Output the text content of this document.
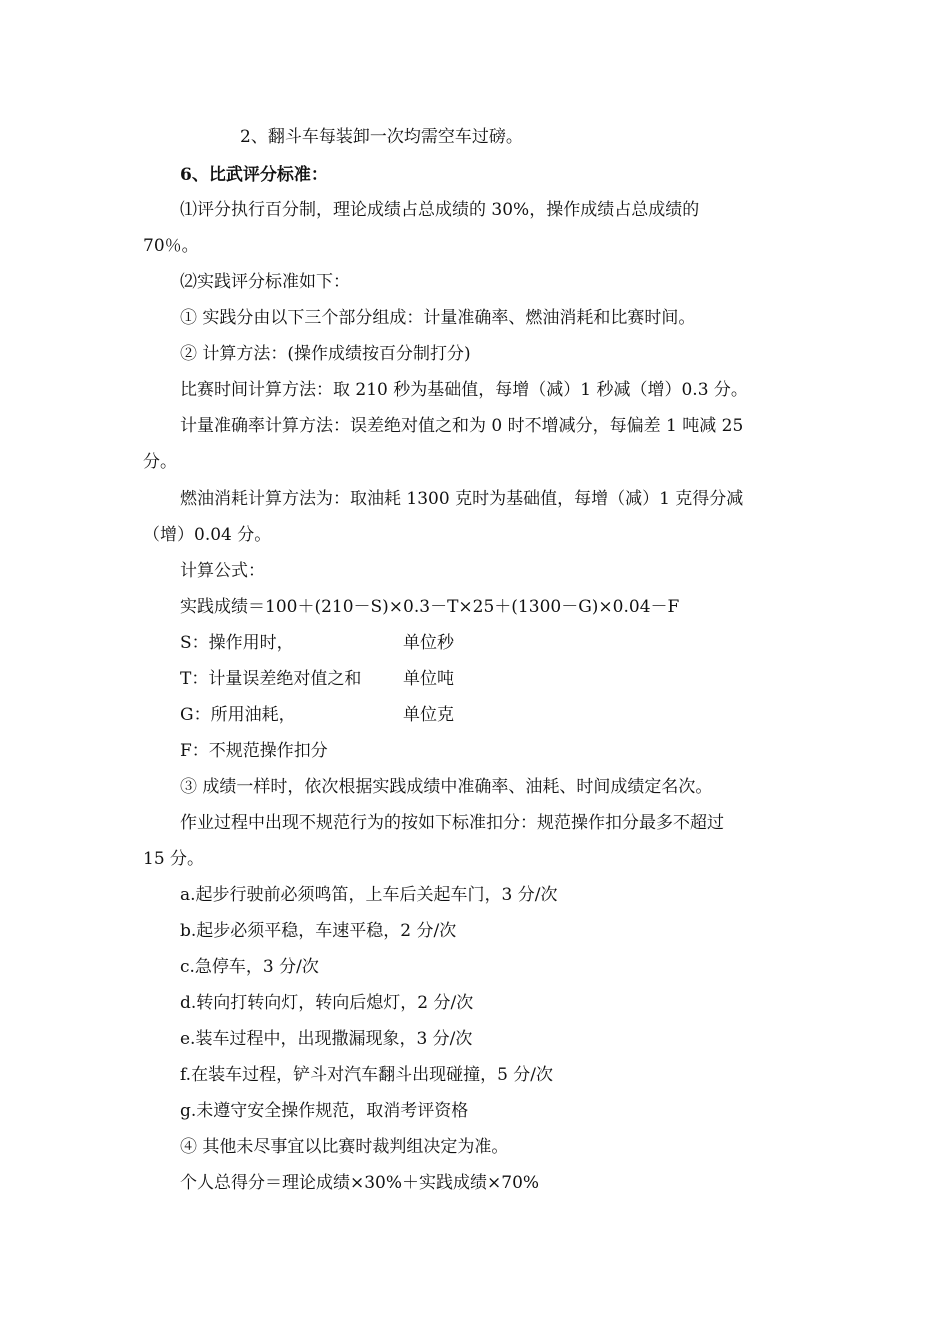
2、翻斗车每装卸一次均需空车过磅。
6、比武评分标准：
⑴评分执行百分制，理论成绩占总成绩的 30%，操作成绩占总成绩的
70％。
⑵实践评分标准如下：
① 实践分由以下三个部分组成：计量准确率、燃油消耗和比赛时间。
② 计算方法：(操作成绩按百分制打分)
比赛时间计算方法：取 210 秒为基础值，每增（减）1 秒减（增）0.3 分。
计量准确率计算方法：误差绝对值之和为 0 时不增减分，每偏差 1 吨减 25
分。
燃油消耗计算方法为：取油耗 1300 克时为基础值，每增（减）1 克得分减
（增）0.04 分。
计算公式：
实践成绩＝100＋(210－S)×0.3－T×25＋(1300－G)×0.04－F
S：操作用时，	单位秒
T：计量误差绝对值之和 单位吨
G：所用油耗，	单位克
F：不规范操作扣分
③ 成绩一样时，依次根据实践成绩中准确率、油耗、时间成绩定名次。
作业过程中出现不规范行为的按如下标准扣分：规范操作扣分最多不超过
15 分。
a.起步行驶前必须鸣笛，上车后关起车门，3 分/次
b.起步必须平稳，车速平稳，2 分/次
c.急停车，3 分/次
d.转向打转向灯，转向后熄灯，2 分/次
e.装车过程中，出现撒漏现象，3 分/次
f.在装车过程，铲斗对汽车翻斗出现碰撞，5 分/次
g.未遵守安全操作规范，取消考评资格
④ 其他未尽事宜以比赛时裁判组决定为准。
个人总得分＝理论成绩×30%＋实践成绩×70%
